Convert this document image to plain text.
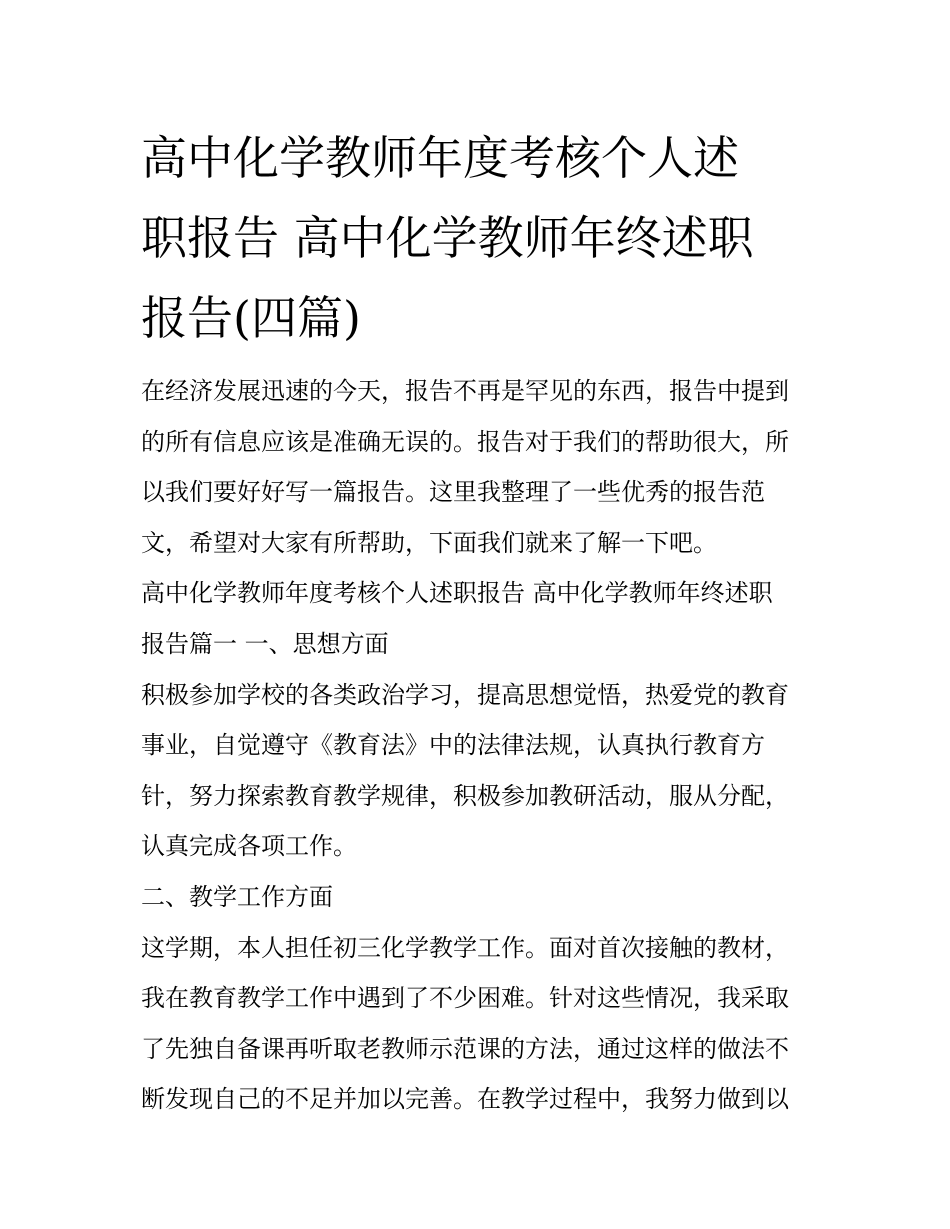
高中化学教师年度考核个人述
职报告 高中化学教师年终述职
报告(四篇)

在经济发展迅速的今天，报告不再是罕见的东西，报告中提到

的所有信息应该是准确无误的。报告对于我们的帮助很大，所

以我们要好好写一篇报告。这里我整理了一些优秀的报告范

文，希望对大家有所帮助，下面我们就来了解一下吧。

高中化学教师年度考核个人述职报告 高中化学教师年终述职

报告篇一 一、思想方面

积极参加学校的各类政治学习，提高思想觉悟，热爱党的教育

事业，自觉遵守《教育法》中的法律法规，认真执行教育方

针，努力探索教育教学规律，积极参加教研活动，服从分配，

认真完成各项工作。

二、教学工作方面

这学期，本人担任初三化学教学工作。面对首次接触的教材，

我在教育教学工作中遇到了不少困难。针对这些情况，我采取

了先独自备课再听取老教师示范课的方法，通过这样的做法不

断发现自己的不足并加以完善。在教学过程中，我努力做到以
